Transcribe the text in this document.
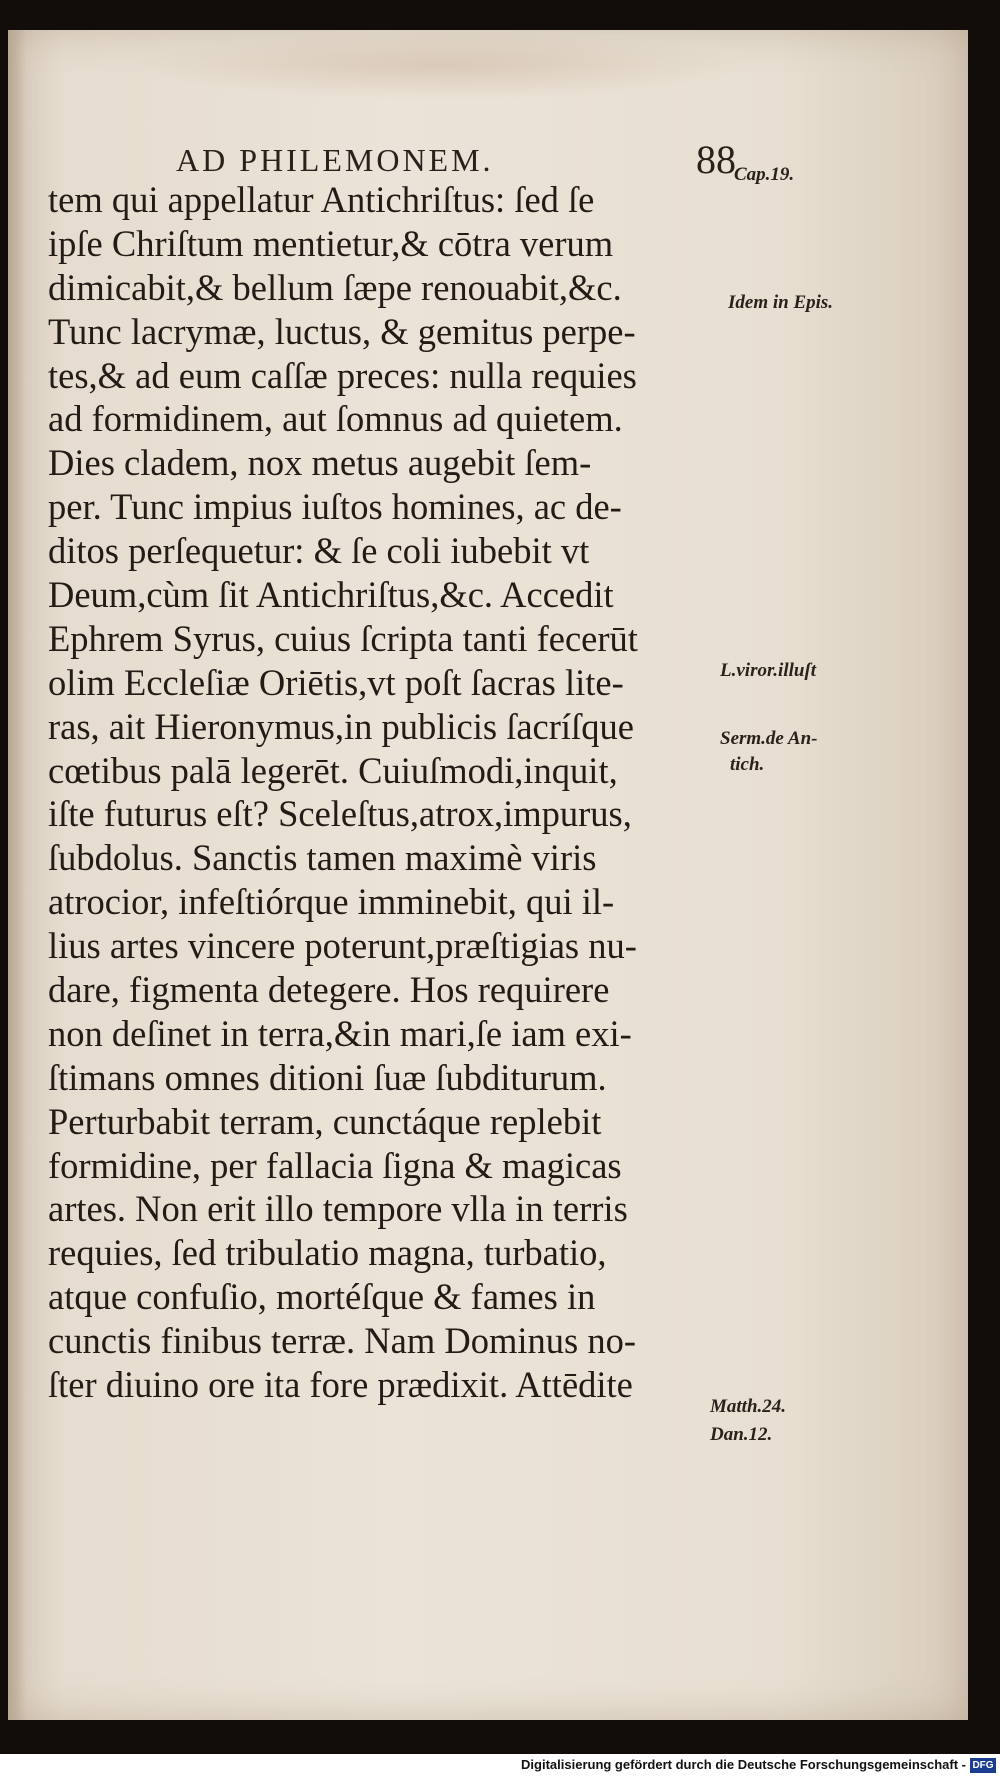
AD PHILEMONEM.	88
tem qui appellatur Antichriſtus: ſed ſe
ipſe Chriſtum mentietur,& cōtra verum
dimicabit,& bellum ſæpe renouabit,&c.
Tunc lacrymæ, luctus, & gemitus perpe-
tes,& ad eum caſſæ preces: nulla requies
ad formidinem, aut ſomnus ad quietem.
Dies cladem, nox metus augebit ſem-
per. Tunc impius iuſtos homines, ac de-
ditos perſequetur: & ſe coli iubebit vt
Deum,cùm ſit Antichriſtus,&c. Accedit
Ephrem Syrus, cuius ſcripta tanti fecerūt
olim Eccleſiæ Oriētis,vt poſt ſacras lite-
ras, ait Hieronymus,in publicis ſacríſque
cœtibus palā legerēt. Cuiuſmodi,inquit,
iſte futurus eſt? Sceleſtus,atrox,impurus,
ſubdolus. Sanctis tamen maximè viris
atrocior, infeſtiórque imminebit, qui il-
lius artes vincere poterunt,præſtigias nu-
dare, figmenta detegere. Hos requirere
non deſinet in terra,&in mari,ſe iam exi-
ſtimans omnes ditioni ſuæ ſubditurum.
Perturbabit terram, cunctáque replebit
formidine, per fallacia ſigna & magicas
artes. Non erit illo tempore vlla in terris
requies, ſed tribulatio magna, turbatio,
atque confuſio, mortéſque & fames in
cunctis finibus terræ. Nam Dominus no-
ſter diuino ore ita fore prædixit. Attēdite
Cap.19.
Idem in Epis.
L.viror.illuſt
Serm.de An-
tich.
Matth.24.
Dan.12.
Digitalisierung gefördert durch die Deutsche Forschungsgemeinschaft - DFG
